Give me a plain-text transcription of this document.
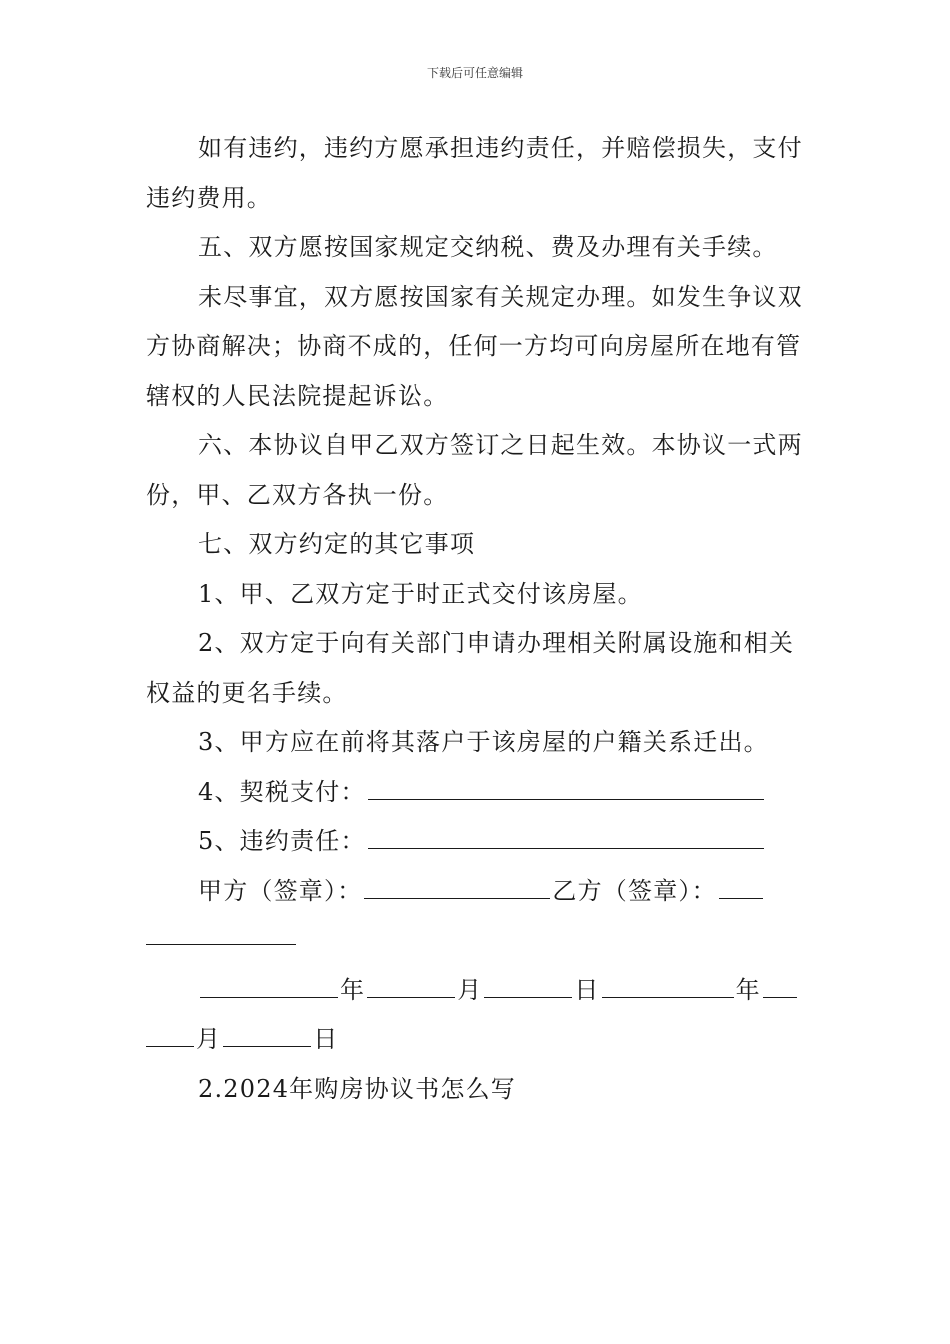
下载后可任意编辑

如有违约，违约方愿承担违约责任，并赔偿损失，支付违约费用。

五、双方愿按国家规定交纳税、费及办理有关手续。

未尽事宜，双方愿按国家有关规定办理。如发生争议双方协商解决；协商不成的，任何一方均可向房屋所在地有管辖权的人民法院提起诉讼。

六、本协议自甲乙双方签订之日起生效。本协议一式两份，甲、乙双方各执一份。

七、双方约定的其它事项

1、甲、乙双方定于时正式交付该房屋。

2、双方定于向有关部门申请办理相关附属设施和相关权益的更名手续。

3、甲方应在前将其落户于该房屋的户籍关系迁出。

4、契税支付：

5、违约责任：

甲方（签章）：	乙方（签章）：

年	月	日	年

月	日

2.2024年购房协议书怎么写
